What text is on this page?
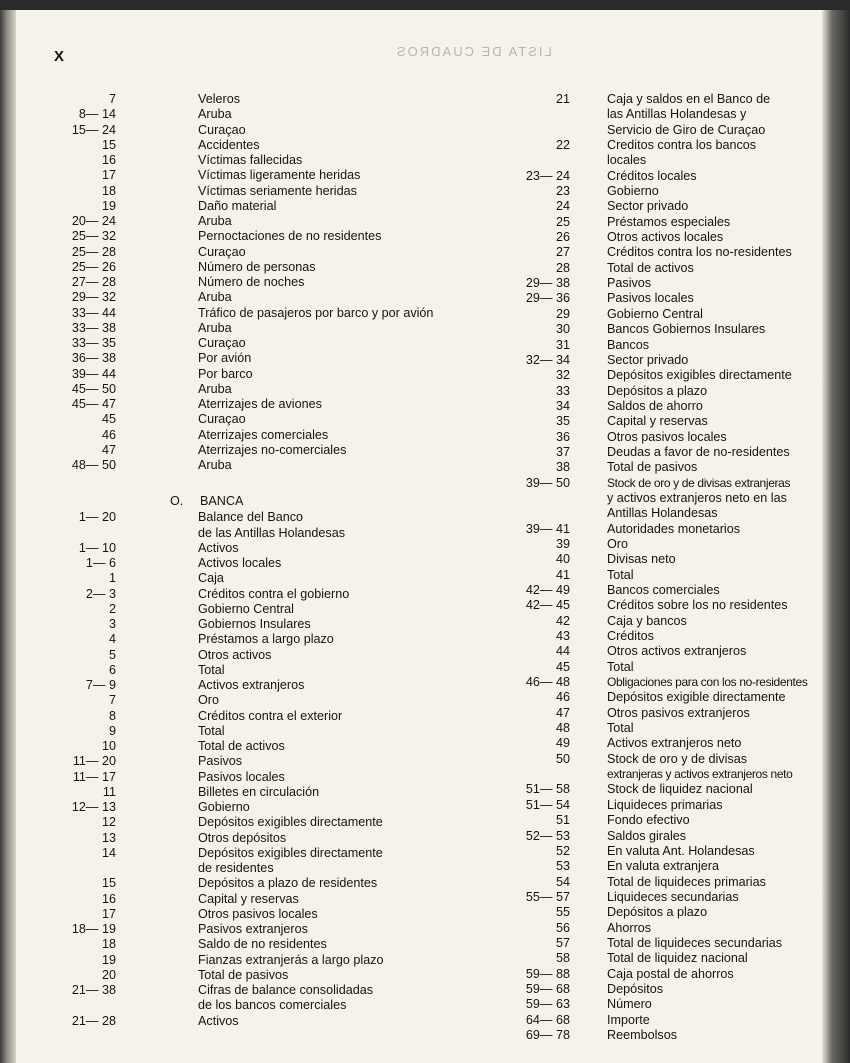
LISTA DE CUADROS
X
7	Veleros
8— 14	Aruba
15— 24	Curaçao
15	Accidentes
16	Víctimas fallecidas
17	Víctimas ligeramente heridas
18	Víctimas seriamente heridas
19	Daño material
20— 24	Aruba
25— 32	Pernoctaciones de no residentes
25— 28	Curaçao
25— 26	Número de personas
27— 28	Número de noches
29— 32	Aruba
33— 44	Tráfico de pasajeros por barco y por avión
33— 38	Aruba
33— 35	Curaçao
36— 38	Por avión
39— 44	Por barco
45— 50	Aruba
45— 47	Aterrizajes de aviones
45	Curaçao
46	Aterrizajes comerciales
47	Aterrizajes no-comerciales
48— 50	Aruba
O.	BANCA
1— 20	Balance del Banco
de las Antillas Holandesas
1— 10	Activos
1— 6	Activos locales
1	Caja
2— 3	Créditos contra el gobierno
2	Gobierno Central
3	Gobiernos Insulares
4	Préstamos a largo plazo
5	Otros activos
6	Total
7— 9	Activos extranjeros
7	Oro
8	Créditos contra el exterior
9	Total
10	Total de activos
11— 20	Pasivos
11— 17	Pasivos locales
11	Billetes en circulación
12— 13	Gobierno
12	Depósitos exigibles directamente
13	Otros depósitos
14	Depósitos exigibles directamente
de residentes
15	Depósitos a plazo de residentes
16	Capital y reservas
17	Otros pasivos locales
18— 19	Pasivos extranjeros
18	Saldo de no residentes
19	Fianzas extranjerás a largo plazo
20	Total de pasivos
21— 38	Cifras de balance consolidadas
de los bancos comerciales
21— 28	Activos
21	Caja y saldos en el Banco de
las Antillas Holandesas y
Servicio de Giro de Curaçao
22	Creditos contra los bancos
locales
23— 24	Créditos locales
23	Gobierno
24	Sector privado
25	Préstamos especiales
26	Otros activos locales
27	Créditos contra los no-residentes
28	Total de activos
29— 38	Pasivos
29— 36	Pasivos locales
29	Gobierno Central
30	Bancos Gobiernos Insulares
31	Bancos
32— 34	Sector privado
32	Depósitos exigibles directamente
33	Depósitos a plazo
34	Saldos de ahorro
35	Capital y reservas
36	Otros pasivos locales
37	Deudas a favor de no-residentes
38	Total de pasivos
39— 50	Stock de oro y de divisas extranjeras
y activos extranjeros neto en las
Antillas Holandesas
39— 41	Autoridades monetarios
39	Oro
40	Divisas neto
41	Total
42— 49	Bancos comerciales
42— 45	Créditos sobre los no residentes
42	Caja y bancos
43	Créditos
44	Otros activos extranjeros
45	Total
46— 48	Obligaciones para con los no-residentes
46	Depósitos exigible directamente
47	Otros pasivos extranjeros
48	Total
49	Activos extranjeros neto
50	Stock de oro y de divisas
extranjeras y activos extranjeros neto
51— 58	Stock de liquidez nacional
51— 54	Liquideces primarias
51	Fondo efectivo
52— 53	Saldos girales
52	En valuta Ant. Holandesas
53	En valuta extranjera
54	Total de liquideces primarias
55— 57	Liquideces secundarias
55	Depósitos a plazo
56	Ahorros
57	Total de liquideces secundarias
58	Total de liquidez nacional
59— 88	Caja postal de ahorros
59— 68	Depósitos
59— 63	Número
64— 68	Importe
69— 78	Reembolsos
